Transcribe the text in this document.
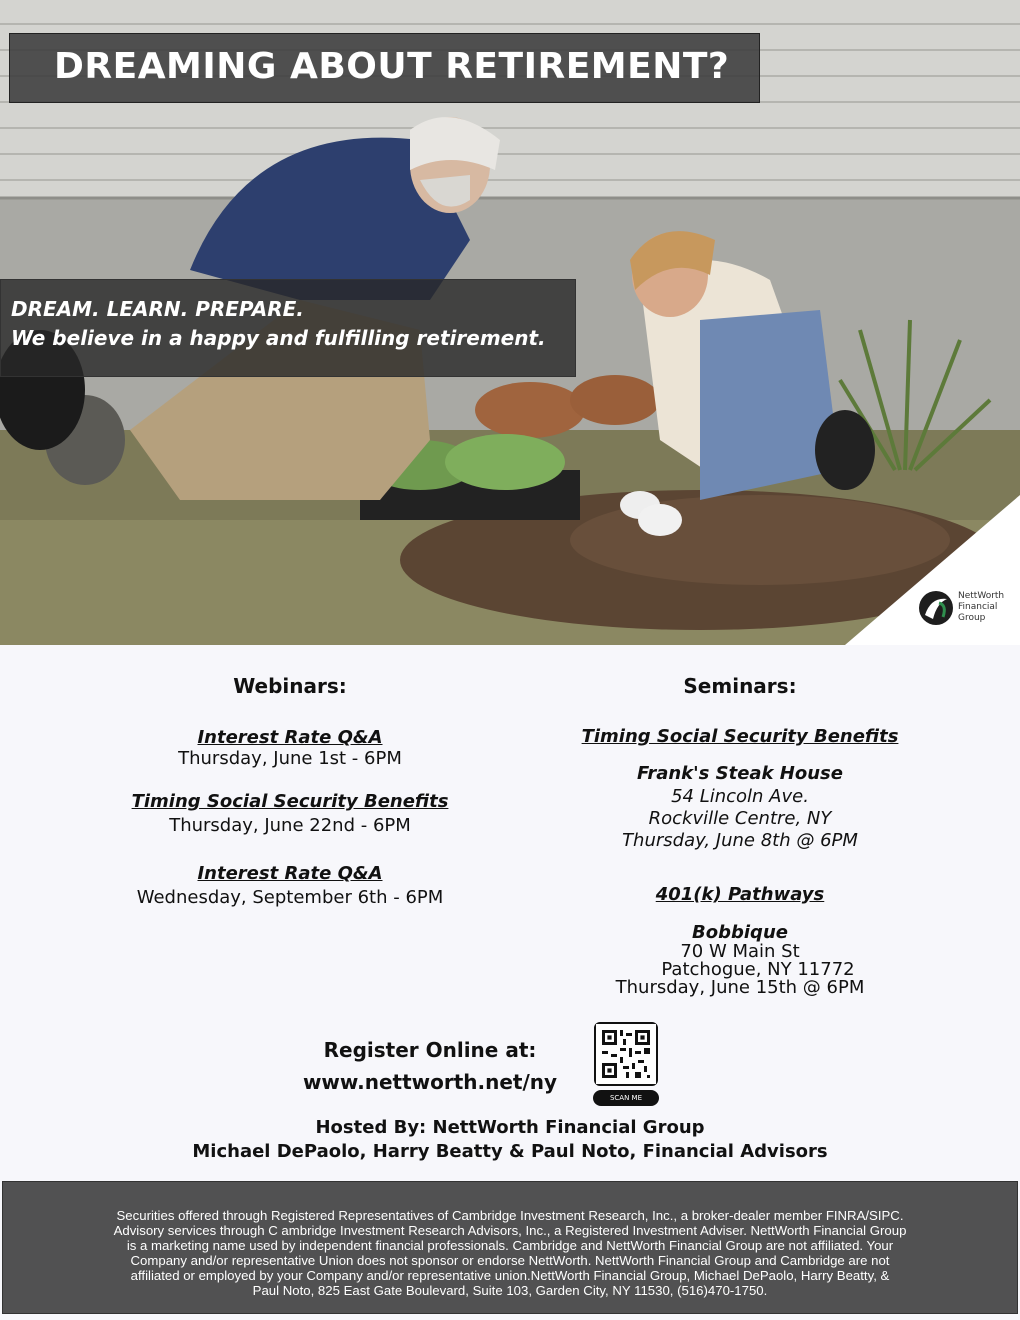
DREAMING ABOUT RETIREMENT?
DREAM. LEARN. PREPARE.
We believe in a happy and fulfilling retirement.
NettWorth
Financial
Group
Webinars:
Interest Rate Q&A
Thursday, June 1st - 6PM
Timing Social Security Benefits
Thursday, June 22nd - 6PM
Interest Rate Q&A
Wednesday, September 6th - 6PM
Seminars:
Timing Social Security Benefits
Frank's Steak House
54 Lincoln Ave.
Rockville Centre, NY
Thursday, June 8th @ 6PM
401(k) Pathways
Bobbique
70 W Main St
Patchogue, NY 11772
Thursday, June 15th @ 6PM
Register Online at:
www.nettworth.net/ny
SCAN ME
Hosted By: NettWorth Financial Group
Michael DePaolo, Harry Beatty & Paul Noto, Financial Advisors
Securities offered through Registered Representatives of Cambridge Investment Research, Inc., a broker-dealer member FINRA/SIPC.
Advisory services through C ambridge Investment Research Advisors, Inc., a Registered Investment Adviser. NettWorth Financial Group
is a marketing name used by independent financial professionals. Cambridge and NettWorth Financial Group are not affiliated. Your
Company and/or representative Union does not sponsor or endorse NettWorth. NettWorth Financial Group and Cambridge are not
affiliated or employed by your Company and/or representative union.NettWorth Financial Group, Michael DePaolo, Harry Beatty, &
Paul Noto, 825 East Gate Boulevard, Suite 103, Garden City, NY 11530, (516)470-1750.
